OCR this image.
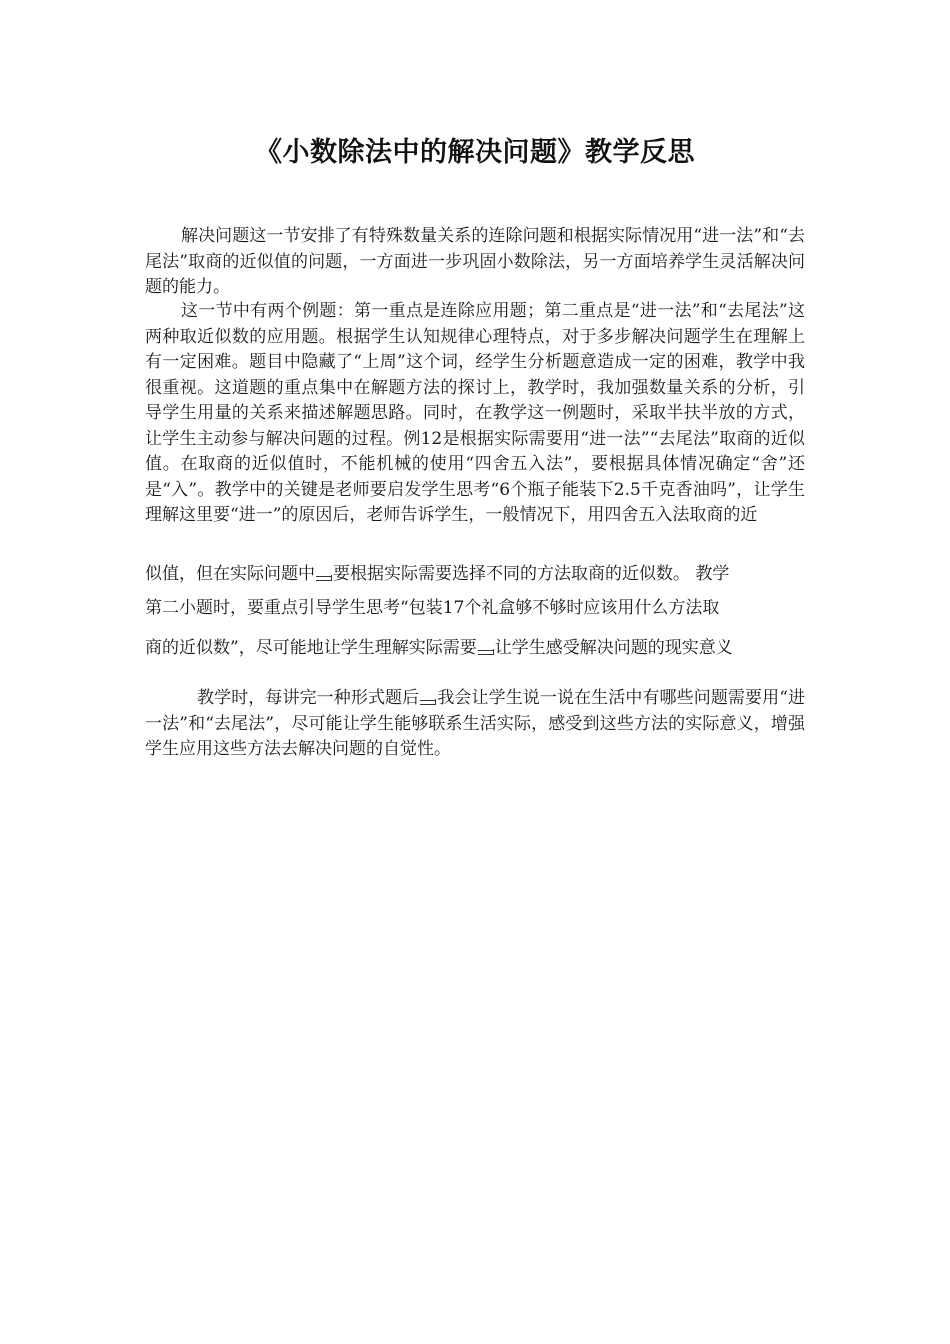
《小数除法中的解决问题》教学反思

解决问题这一节安排了有特殊数量关系的连除问题和根据实际情况用“进一法”和“去尾法”取商的近似值的问题，一方面进一步巩固小数除法，另一方面培养学生灵活解决问题的能力。

这一节中有两个例题：第一重点是连除应用题；第二重点是“进一法”和“去尾法”这两种取近似数的应用题。根据学生认知规律心理特点，对于多步解决问题学生在理解上有一定困难。题目中隐藏了“上周”这个词，经学生分析题意造成一定的困难，教学中我很重视。这道题的重点集中在解题方法的探讨上，教学时，我加强数量关系的分析，引导学生用量的关系来描述解题思路。同时，在教学这一例题时，采取半扶半放的方式，让学生主动参与解决问题的过程。例12是根据实际需要用“进一法”“去尾法”取商的近似值。在取商的近似值时，不能机械的使用“四舍五入法”，要根据具体情况确定“舍”还是“入”。教学中的关键是老师要启发学生思考“6个瓶子能装下2.5千克香油吗”，让学生理解这里要“进一”的原因后，老师告诉学生，一般情况下，用四舍五入法取商的近

似值，但在实际问题中 要根据实际需要选择不同的方法取商的近似数。 教学
第二小题时，要重点引导学生思考“包装17个礼盒够不够时应该用什么方法取
商的近似数”，尽可能地让学生理解实际需要 让学生感受解决问题的现实意义

教学时，每讲完一种形式题后 我会让学生说一说在生活中有哪些问题需要用“进一法”和“去尾法”，尽可能让学生能够联系生活实际，感受到这些方法的实际意义，增强学生应用这些方法去解决问题的自觉性。
